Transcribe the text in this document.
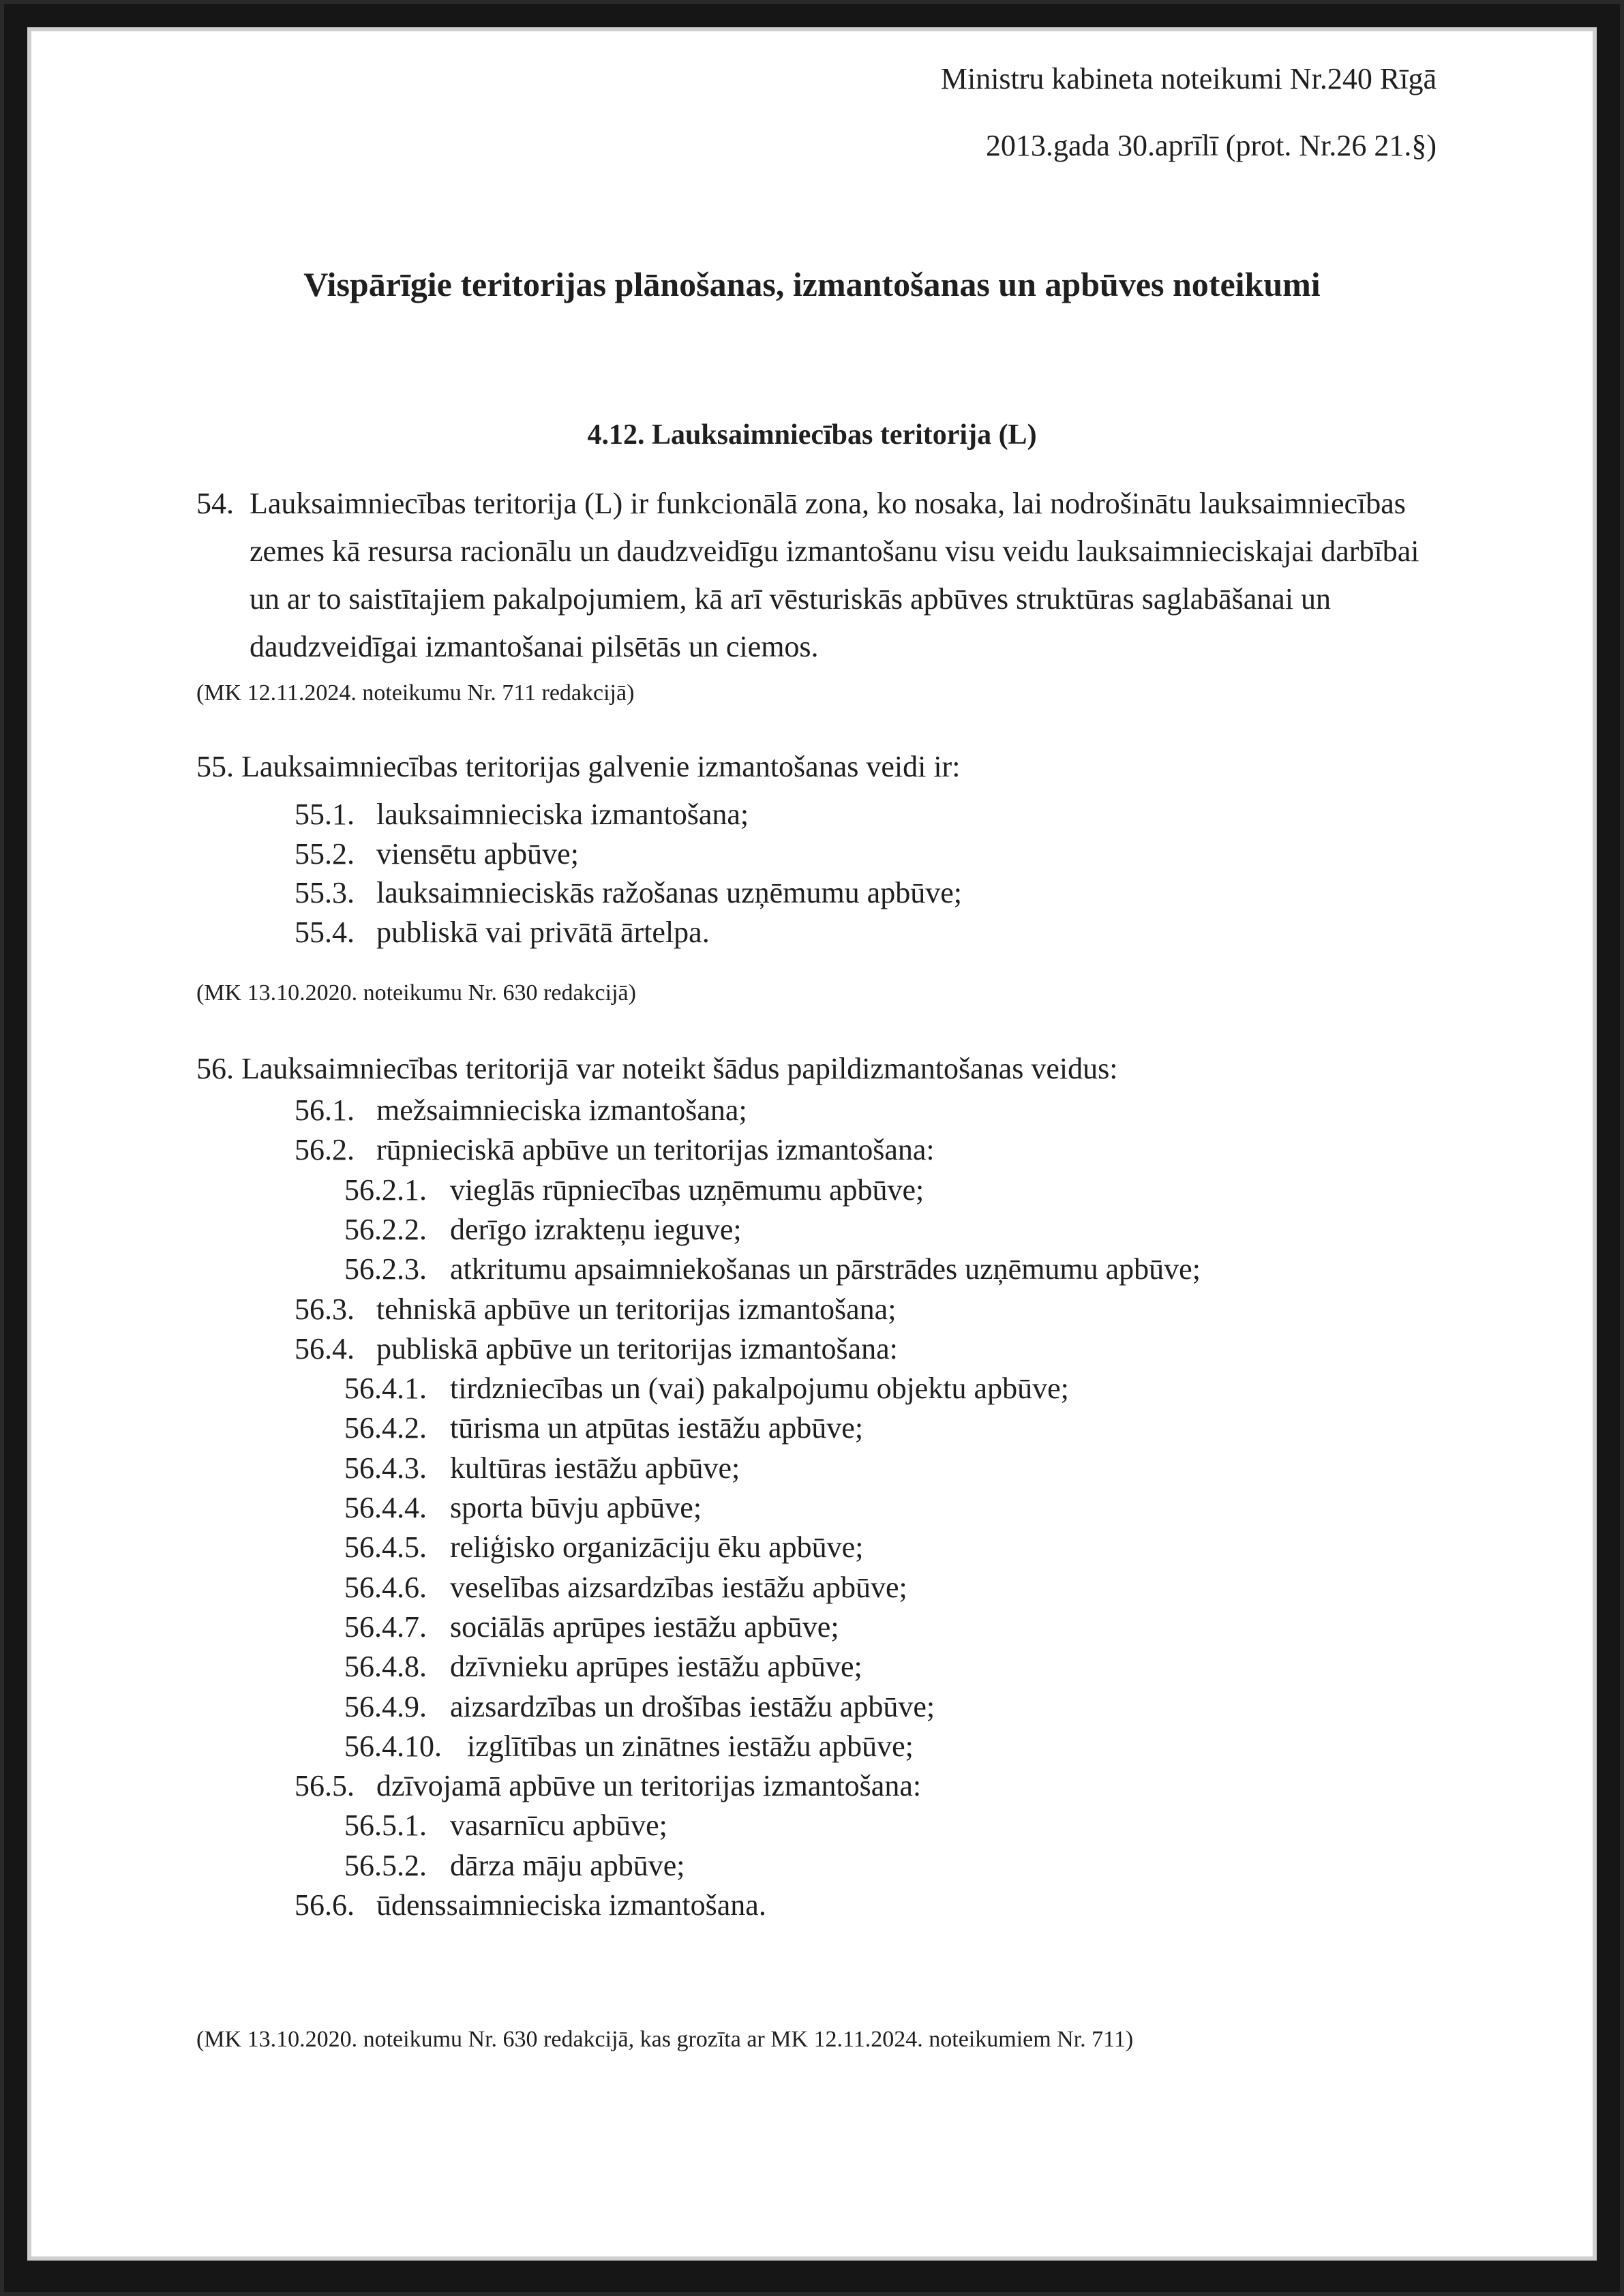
Ministru kabineta noteikumi Nr.240 Rīgā
2013.gada 30.aprīlī (prot. Nr.26 21.§)
Vispārīgie teritorijas plānošanas, izmantošanas un apbūves noteikumi
4.12. Lauksaimniecības teritorija (L)
54. Lauksaimniecības teritorija (L) ir funkcionālā zona, ko nosaka, lai nodrošinātu lauksaimniecības zemes kā resursa racionālu un daudzveidīgu izmantošanu visu veidu lauksaimnieciskajai darbībai un ar to saistītajiem pakalpojumiem, kā arī vēsturiskās apbūves struktūras saglabāšanai un daudzveidīgai izmantošanai pilsētās un ciemos.
(MK 12.11.2024. noteikumu Nr. 711 redakcijā)
55. Lauksaimniecības teritorijas galvenie izmantošanas veidi ir:
55.1. lauksaimnieciska izmantošana;
55.2. viensētu apbūve;
55.3. lauksaimnieciskās ražošanas uzņēmumu apbūve;
55.4. publiskā vai privātā ārtelpa.
(MK 13.10.2020. noteikumu Nr. 630 redakcijā)
56. Lauksaimniecības teritorijā var noteikt šādus papildizmantošanas veidus:
56.1. mežsaimnieciska izmantošana;
56.2. rūpnieciskā apbūve un teritorijas izmantošana:
56.2.1. vieglās rūpniecības uzņēmumu apbūve;
56.2.2. derīgo izrakteņu ieguve;
56.2.3. atkritumu apsaimniekošanas un pārstrādes uzņēmumu apbūve;
56.3. tehniskā apbūve un teritorijas izmantošana;
56.4. publiskā apbūve un teritorijas izmantošana:
56.4.1. tirdzniecības un (vai) pakalpojumu objektu apbūve;
56.4.2. tūrisma un atpūtas iestāžu apbūve;
56.4.3. kultūras iestāžu apbūve;
56.4.4. sporta būvju apbūve;
56.4.5. reliģisko organizāciju ēku apbūve;
56.4.6. veselības aizsardzības iestāžu apbūve;
56.4.7. sociālās aprūpes iestāžu apbūve;
56.4.8. dzīvnieku aprūpes iestāžu apbūve;
56.4.9. aizsardzības un drošības iestāžu apbūve;
56.4.10. izglītības un zinātnes iestāžu apbūve;
56.5. dzīvojamā apbūve un teritorijas izmantošana:
56.5.1. vasarnīcu apbūve;
56.5.2. dārza māju apbūve;
56.6. ūdenssaimnieciska izmantošana.
(MK 13.10.2020. noteikumu Nr. 630 redakcijā, kas grozīta ar MK 12.11.2024. noteikumiem Nr. 711)
